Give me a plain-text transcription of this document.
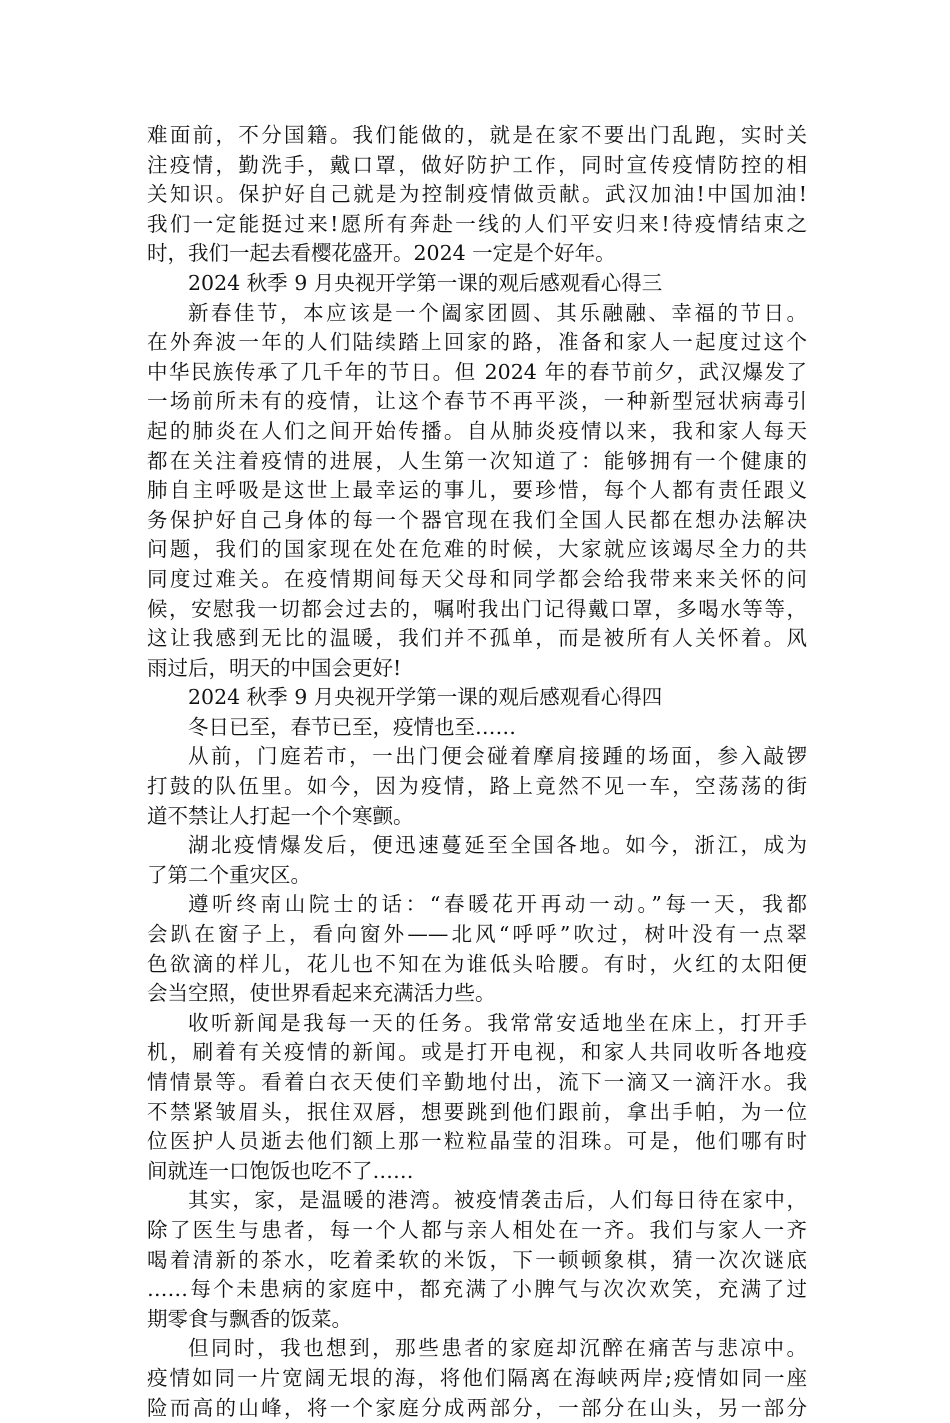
难面前，不分国籍。我们能做的，就是在家不要出门乱跑，实时关
注疫情，勤洗手，戴口罩，做好防护工作，同时宣传疫情防控的相
关知识。保护好自己就是为控制疫情做贡献。武汉加油!中国加油!
我们一定能挺过来!愿所有奔赴一线的人们平安归来!待疫情结束之
时，我们一起去看樱花盛开。2024 一定是个好年。
2024 秋季 9 月央视开学第一课的观后感观看心得三
新春佳节，本应该是一个阖家团圆、其乐融融、幸福的节日。
在外奔波一年的人们陆续踏上回家的路，准备和家人一起度过这个
中华民族传承了几千年的节日。但 2024 年的春节前夕，武汉爆发了
一场前所未有的疫情，让这个春节不再平淡，一种新型冠状病毒引
起的肺炎在人们之间开始传播。自从肺炎疫情以来，我和家人每天
都在关注着疫情的进展，人生第一次知道了：能够拥有一个健康的
肺自主呼吸是这世上最幸运的事儿，要珍惜，每个人都有责任跟义
务保护好自己身体的每一个器官现在我们全国人民都在想办法解决
问题，我们的国家现在处在危难的时候，大家就应该竭尽全力的共
同度过难关。在疫情期间每天父母和同学都会给我带来来关怀的问
候，安慰我一切都会过去的，嘱咐我出门记得戴口罩，多喝水等等，
这让我感到无比的温暖，我们并不孤单，而是被所有人关怀着。风
雨过后，明天的中国会更好!
2024 秋季 9 月央视开学第一课的观后感观看心得四
冬日已至，春节已至，疫情也至……
从前，门庭若市，一出门便会碰着摩肩接踵的场面，参入敲锣
打鼓的队伍里。如今，因为疫情，路上竟然不见一车，空荡荡的街
道不禁让人打起一个个寒颤。
湖北疫情爆发后，便迅速蔓延至全国各地。如今，浙江，成为
了第二个重灾区。
遵听终南山院士的话：“春暖花开再动一动。”每一天，我都
会趴在窗子上，看向窗外——北风“呼呼”吹过，树叶没有一点翠
色欲滴的样儿，花儿也不知在为谁低头哈腰。有时，火红的太阳便
会当空照，使世界看起来充满活力些。
收听新闻是我每一天的任务。我常常安适地坐在床上，打开手
机，刷着有关疫情的新闻。或是打开电视，和家人共同收听各地疫
情情景等。看着白衣天使们辛勤地付出，流下一滴又一滴汗水。我
不禁紧皱眉头，抿住双唇，想要跳到他们跟前，拿出手帕，为一位
位医护人员逝去他们额上那一粒粒晶莹的泪珠。可是，他们哪有时
间就连一口饱饭也吃不了……
其实，家，是温暖的港湾。被疫情袭击后，人们每日待在家中，
除了医生与患者，每一个人都与亲人相处在一齐。我们与家人一齐
喝着清新的茶水，吃着柔软的米饭，下一顿顿象棋，猜一次次谜底
……每个未患病的家庭中，都充满了小脾气与次次欢笑，充满了过
期零食与飘香的饭菜。
但同时，我也想到，那些患者的家庭却沉醉在痛苦与悲凉中。
疫情如同一片宽阔无垠的海，将他们隔离在海峡两岸;疫情如同一座
险而高的山峰，将一个家庭分成两部分，一部分在山头，另一部分
